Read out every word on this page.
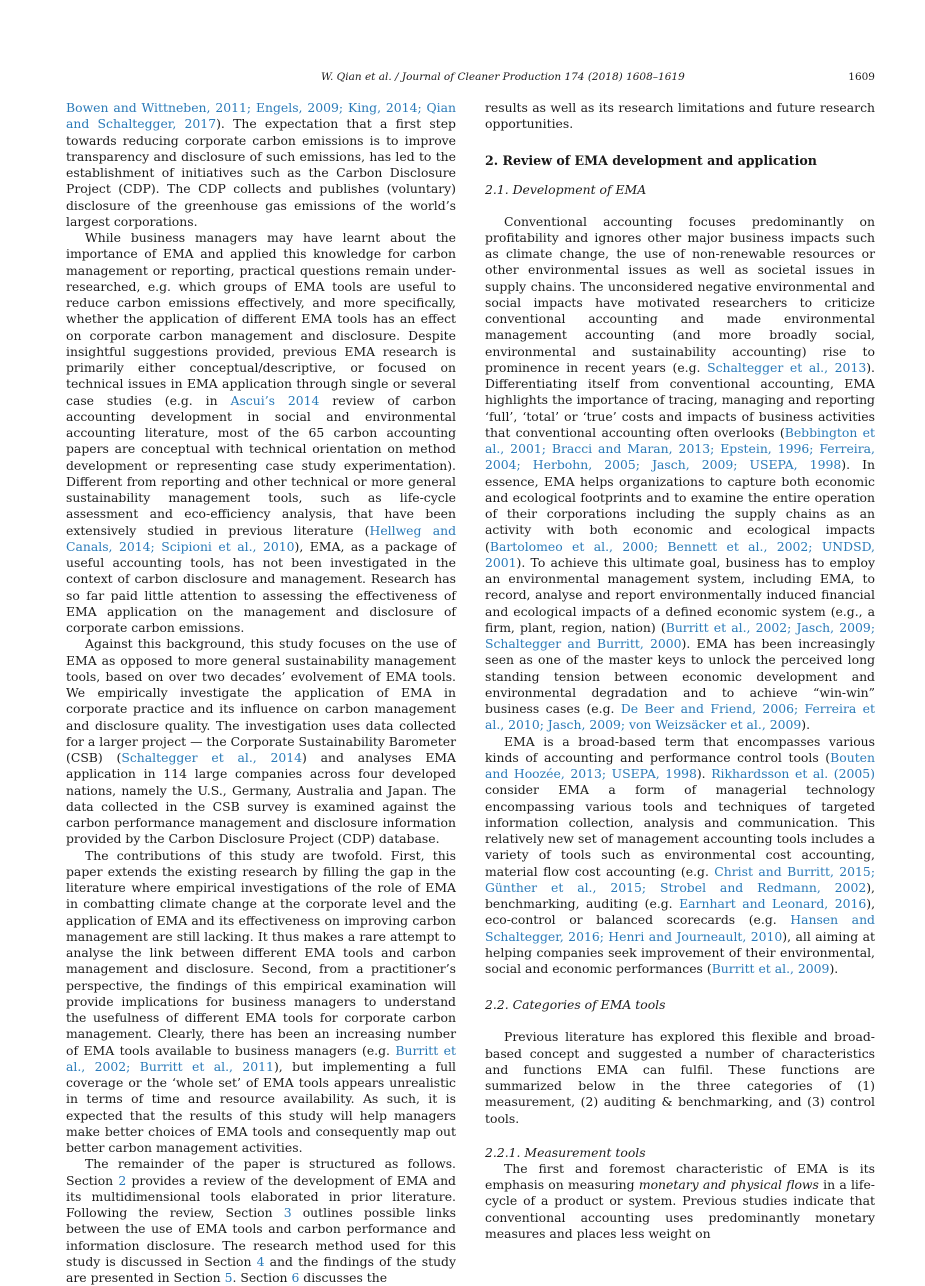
W. Qian et al. / Journal of Cleaner Production 174 (2018) 1608–1619	1609

Bowen and Wittneben, 2011; Engels, 2009; King, 2014; Qian and Schaltegger, 2017). The expectation that a first step towards reducing corporate carbon emissions is to improve transparency and disclosure of such emissions, has led to the establishment of initiatives such as the Carbon Disclosure Project (CDP). The CDP collects and publishes (voluntary) disclosure of the greenhouse gas emissions of the world’s largest corporations.

While business managers may have learnt about the importance of EMA and applied this knowledge for carbon management or reporting, practical questions remain under-researched, e.g. which groups of EMA tools are useful to reduce carbon emissions effectively, and more specifically, whether the application of different EMA tools has an effect on corporate carbon management and disclosure. Despite insightful suggestions provided, previous EMA research is primarily either conceptual/descriptive, or focused on technical issues in EMA application through single or several case studies (e.g. in Ascui’s 2014 review of carbon accounting development in social and environmental accounting literature, most of the 65 carbon accounting papers are conceptual with technical orientation on method development or representing case study experimentation). Different from reporting and other technical or more general sustainability management tools, such as life-cycle assessment and eco-efficiency analysis, that have been extensively studied in previous literature (Hellweg and Canals, 2014; Scipioni et al., 2010), EMA, as a package of useful accounting tools, has not been investigated in the context of carbon disclosure and management. Research has so far paid little attention to assessing the effectiveness of EMA application on the management and disclosure of corporate carbon emissions.

Against this background, this study focuses on the use of EMA as opposed to more general sustainability management tools, based on over two decades’ evolvement of EMA tools. We empirically investigate the application of EMA in corporate practice and its influence on carbon management and disclosure quality. The investigation uses data collected for a larger project — the Corporate Sustainability Barometer (CSB) (Schaltegger et al., 2014) and analyses EMA application in 114 large companies across four developed nations, namely the U.S., Germany, Australia and Japan. The data collected in the CSB survey is examined against the carbon performance management and disclosure information provided by the Carbon Disclosure Project (CDP) database.

The contributions of this study are twofold. First, this paper extends the existing research by filling the gap in the literature where empirical investigations of the role of EMA in combatting climate change at the corporate level and the application of EMA and its effectiveness on improving carbon management are still lacking. It thus makes a rare attempt to analyse the link between different EMA tools and carbon management and disclosure. Second, from a practitioner’s perspective, the findings of this empirical examination will provide implications for business managers to understand the usefulness of different EMA tools for corporate carbon management. Clearly, there has been an increasing number of EMA tools available to business managers (e.g. Burritt et al., 2002; Burritt et al., 2011), but implementing a full coverage or the ‘whole set’ of EMA tools appears unrealistic in terms of time and resource availability. As such, it is expected that the results of this study will help managers make better choices of EMA tools and consequently map out better carbon management activities.

The remainder of the paper is structured as follows. Section 2 provides a review of the development of EMA and its multidimensional tools elaborated in prior literature. Following the review, Section 3 outlines possible links between the use of EMA tools and carbon performance and information disclosure. The research method used for this study is discussed in Section 4 and the findings of the study are presented in Section 5. Section 6 discusses the

results as well as its research limitations and future research opportunities.

2. Review of EMA development and application
2.1. Development of EMA

Conventional accounting focuses predominantly on profitability and ignores other major business impacts such as climate change, the use of non-renewable resources or other environmental issues as well as societal issues in supply chains. The unconsidered negative environmental and social impacts have motivated researchers to criticize conventional accounting and made environmental management accounting (and more broadly social, environmental and sustainability accounting) rise to prominence in recent years (e.g. Schaltegger et al., 2013). Differentiating itself from conventional accounting, EMA highlights the importance of tracing, managing and reporting ‘full’, ‘total’ or ‘true’ costs and impacts of business activities that conventional accounting often overlooks (Bebbington et al., 2001; Bracci and Maran, 2013; Epstein, 1996; Ferreira, 2004; Herbohn, 2005; Jasch, 2009; USEPA, 1998). In essence, EMA helps organizations to capture both economic and ecological footprints and to examine the entire operation of their corporations including the supply chains as an activity with both economic and ecological impacts (Bartolomeo et al., 2000; Bennett et al., 2002; UNDSD, 2001). To achieve this ultimate goal, business has to employ an environmental management system, including EMA, to record, analyse and report environmentally induced financial and ecological impacts of a defined economic system (e.g., a firm, plant, region, nation) (Burritt et al., 2002; Jasch, 2009; Schaltegger and Burritt, 2000). EMA has been increasingly seen as one of the master keys to unlock the perceived long standing tension between economic development and environmental degradation and to achieve “win-win” business cases (e.g. De Beer and Friend, 2006; Ferreira et al., 2010; Jasch, 2009; von Weizsäcker et al., 2009).

EMA is a broad-based term that encompasses various kinds of accounting and performance control tools (Bouten and Hoozée, 2013; USEPA, 1998). Rikhardsson et al. (2005) consider EMA a form of managerial technology encompassing various tools and techniques of targeted information collection, analysis and communication. This relatively new set of management accounting tools includes a variety of tools such as environmental cost accounting, material flow cost accounting (e.g. Christ and Burritt, 2015; Günther et al., 2015; Strobel and Redmann, 2002), benchmarking, auditing (e.g. Earnhart and Leonard, 2016), eco-control or balanced scorecards (e.g. Hansen and Schaltegger, 2016; Henri and Journeault, 2010), all aiming at helping companies seek improvement of their environmental, social and economic performances (Burritt et al., 2009).

2.2. Categories of EMA tools

Previous literature has explored this flexible and broad-based concept and suggested a number of characteristics and functions EMA can fulfil. These functions are summarized below in the three categories of (1) measurement, (2) auditing & benchmarking, and (3) control tools.

2.2.1. Measurement tools

The first and foremost characteristic of EMA is its emphasis on measuring monetary and physical flows in a life-cycle of a product or system. Previous studies indicate that conventional accounting uses predominantly monetary measures and places less weight on
